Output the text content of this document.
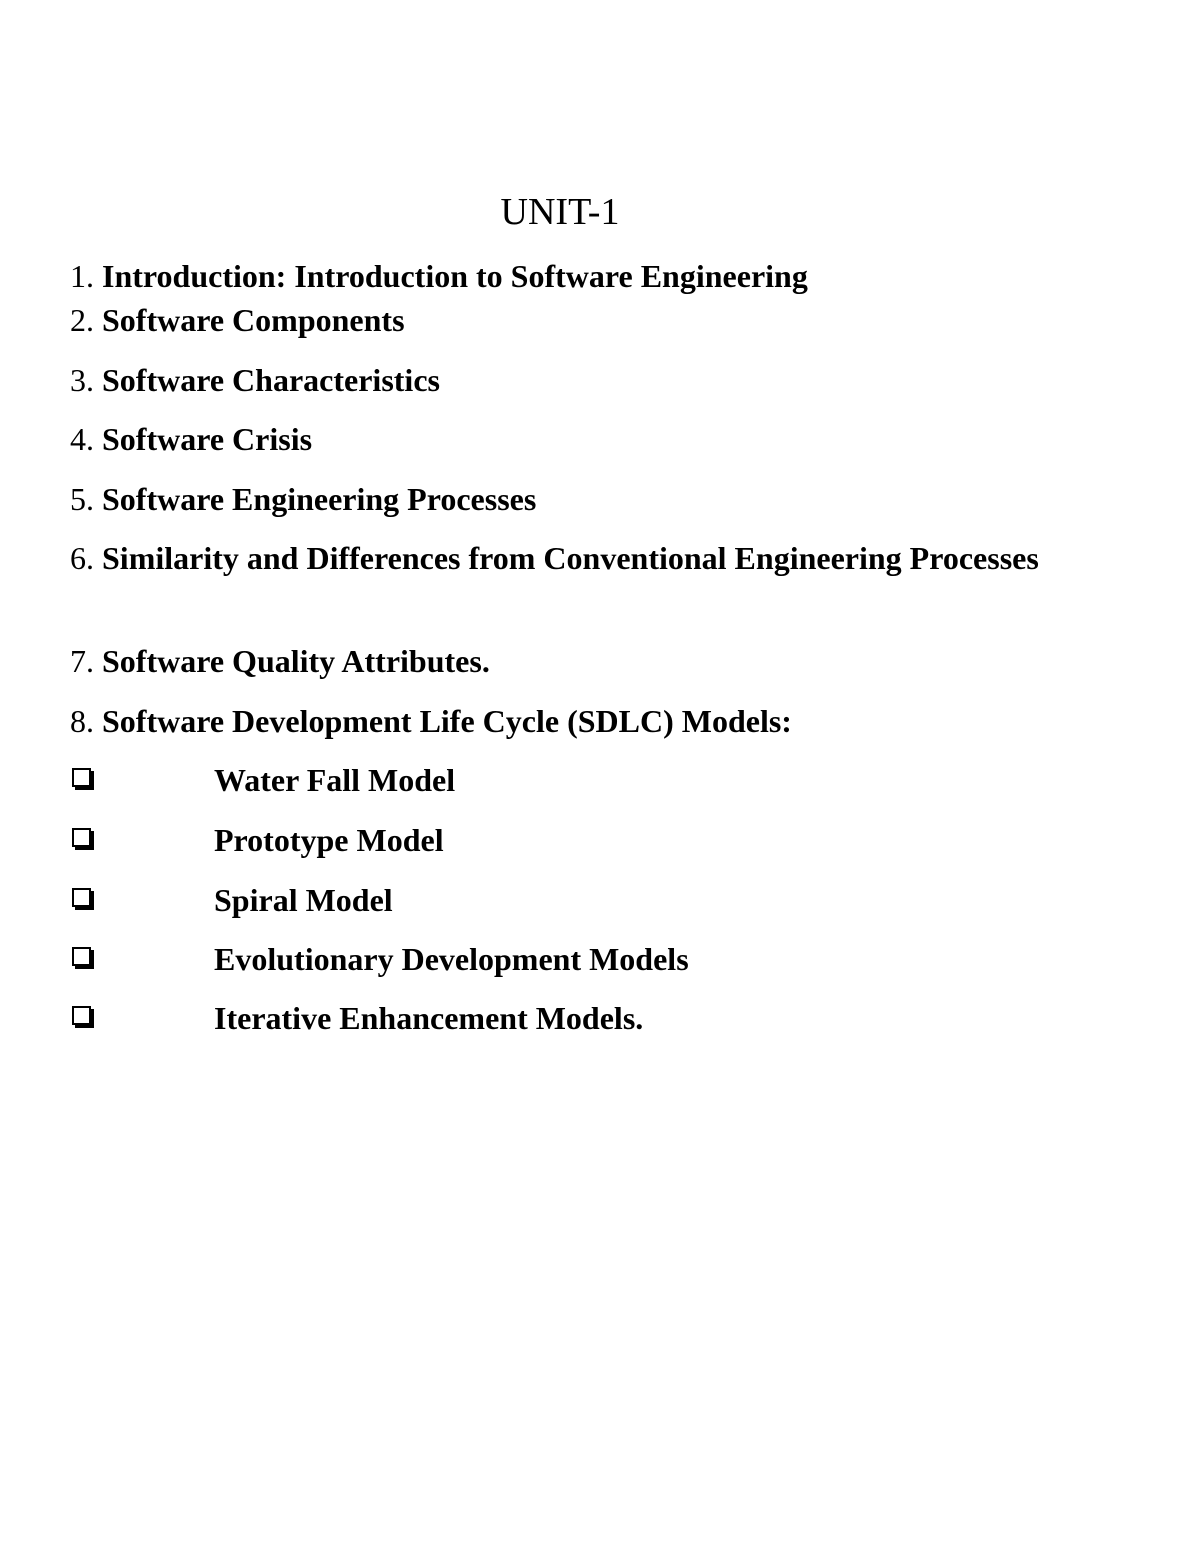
UNIT-1

1. Introduction: Introduction to Software Engineering

2. Software Components

3. Software Characteristics

4. Software Crisis

5. Software Engineering Processes

6. Similarity and Differences from Conventional Engineering Processes

7. Software Quality Attributes.

8. Software Development Life Cycle (SDLC) Models:

Water Fall Model
Prototype Model
Spiral Model
Evolutionary Development Models
Iterative Enhancement Models.
